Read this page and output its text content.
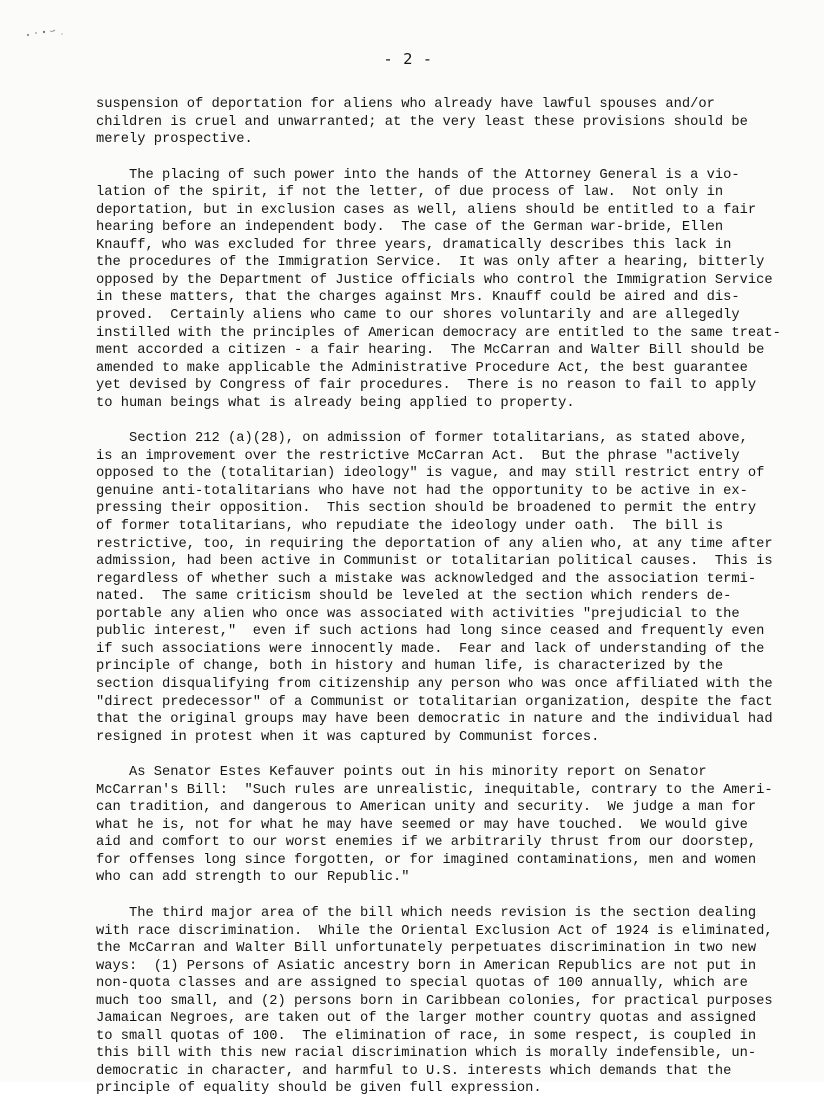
- 2 -
suspension of deportation for aliens who already have lawful spouses and/or
children is cruel and unwarranted; at the very least these provisions should be
merely prospective.
The placing of such power into the hands of the Attorney General is a vio-
lation of the spirit, if not the letter, of due process of law.  Not only in
deportation, but in exclusion cases as well, aliens should be entitled to a fair
hearing before an independent body.  The case of the German war-bride, Ellen
Knauff, who was excluded for three years, dramatically describes this lack in
the procedures of the Immigration Service.  It was only after a hearing, bitterly
opposed by the Department of Justice officials who control the Immigration Service
in these matters, that the charges against Mrs. Knauff could be aired and dis-
proved.  Certainly aliens who came to our shores voluntarily and are allegedly
instilled with the principles of American democracy are entitled to the same treat-
ment accorded a citizen - a fair hearing.  The McCarran and Walter Bill should be
amended to make applicable the Administrative Procedure Act, the best guarantee
yet devised by Congress of fair procedures.  There is no reason to fail to apply
to human beings what is already being applied to property.
Section 212 (a)(28), on admission of former totalitarians, as stated above,
is an improvement over the restrictive McCarran Act.  But the phrase "actively
opposed to the (totalitarian) ideology" is vague, and may still restrict entry of
genuine anti-totalitarians who have not had the opportunity to be active in ex-
pressing their opposition.  This section should be broadened to permit the entry
of former totalitarians, who repudiate the ideology under oath.  The bill is
restrictive, too, in requiring the deportation of any alien who, at any time after
admission, had been active in Communist or totalitarian political causes.  This is
regardless of whether such a mistake was acknowledged and the association termi-
nated.  The same criticism should be leveled at the section which renders de-
portable any alien who once was associated with activities "prejudicial to the
public interest,"  even if such actions had long since ceased and frequently even
if such associations were innocently made.  Fear and lack of understanding of the
principle of change, both in history and human life, is characterized by the
section disqualifying from citizenship any person who was once affiliated with the
"direct predecessor" of a Communist or totalitarian organization, despite the fact
that the original groups may have been democratic in nature and the individual had
resigned in protest when it was captured by Communist forces.
As Senator Estes Kefauver points out in his minority report on Senator
McCarran's Bill:  "Such rules are unrealistic, inequitable, contrary to the Ameri-
can tradition, and dangerous to American unity and security.  We judge a man for
what he is, not for what he may have seemed or may have touched.  We would give
aid and comfort to our worst enemies if we arbitrarily thrust from our doorstep,
for offenses long since forgotten, or for imagined contaminations, men and women
who can add strength to our Republic."
The third major area of the bill which needs revision is the section dealing
with race discrimination.  While the Oriental Exclusion Act of 1924 is eliminated,
the McCarran and Walter Bill unfortunately perpetuates discrimination in two new
ways:  (1) Persons of Asiatic ancestry born in American Republics are not put in
non-quota classes and are assigned to special quotas of 100 annually, which are
much too small, and (2) persons born in Caribbean colonies, for practical purposes
Jamaican Negroes, are taken out of the larger mother country quotas and assigned
to small quotas of 100.  The elimination of race, in some respect, is coupled in
this bill with this new racial discrimination which is morally indefensible, un-
democratic in character, and harmful to U.S. interests which demands that the
principle of equality should be given full expression.
